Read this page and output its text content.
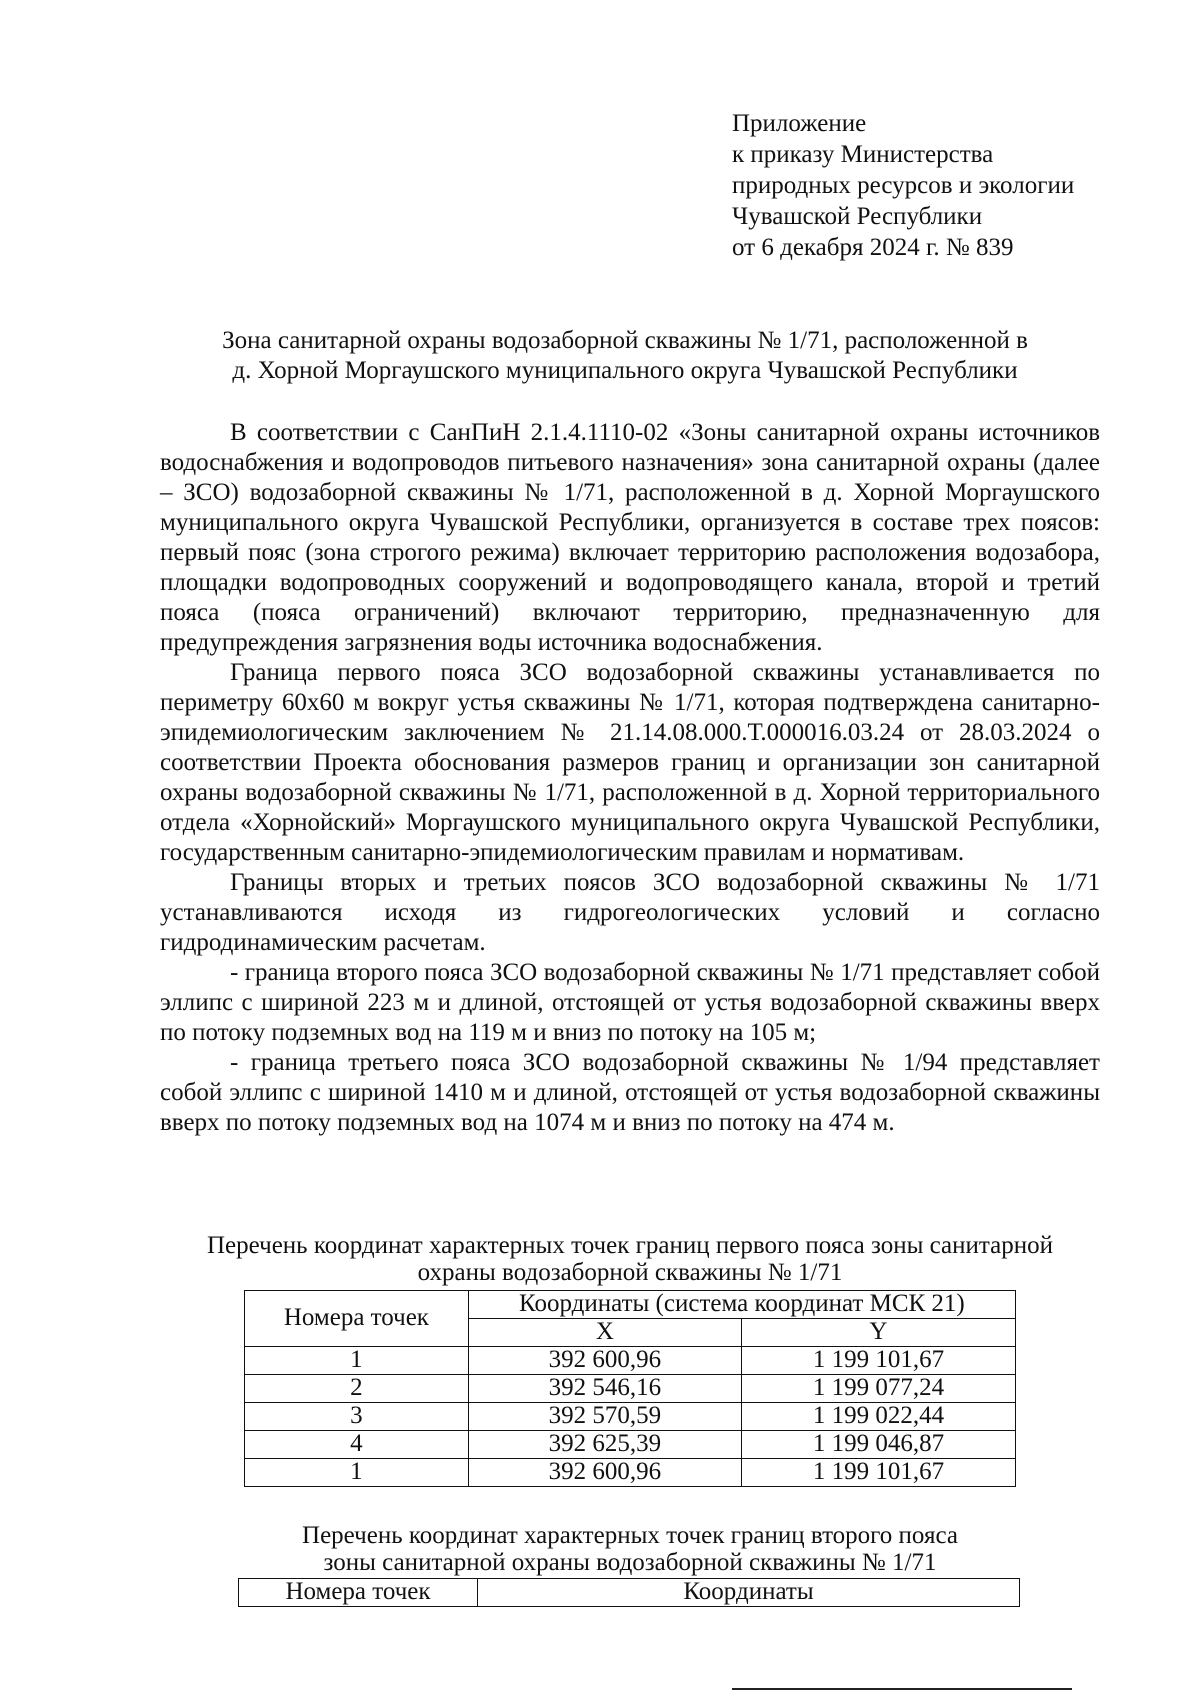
Приложение
к приказу Министерства
природных ресурсов и экологии
Чувашской Республики
от 6 декабря 2024 г. № 839
Зона санитарной охраны водозаборной скважины № 1/71, расположенной в
д. Хорной Моргаушского муниципального округа Чувашской Республики

В соответствии с СанПиН 2.1.4.1110-02 «Зоны санитарной охраны источников водоснабжения и водопроводов питьевого назначения» зона санитарной охраны (далее – ЗСО) водозаборной скважины № 1/71, расположенной в д. Хорной Моргаушского муниципального округа Чувашской Республики, организуется в составе трех поясов: первый пояс (зона строгого режима) включает территорию расположения водозабора, площадки водопроводных сооружений и водопроводящего канала, второй и третий пояса (пояса ограничений) включают территорию, предназначенную для предупреждения загрязнения воды источника водоснабжения.

Граница первого пояса ЗСО водозаборной скважины устанавливается по периметру 60х60 м вокруг устья скважины № 1/71, которая подтверждена санитарно-эпидемиологическим заключением № 21.14.08.000.Т.000016.03.24 от 28.03.2024 о соответствии Проекта обоснования размеров границ и организации зон санитарной охраны водозаборной скважины № 1/71, расположенной в д. Хорной территориального отдела «Хорнойский» Моргаушского муниципального округа Чувашской Республики, государственным санитарно-эпидемиологическим правилам и нормативам.

Границы вторых и третьих поясов ЗСО водозаборной скважины № 1/71 устанавливаются исходя из гидрогеологических условий и согласно гидродинамическим расчетам.

- граница второго пояса ЗСО водозаборной скважины № 1/71 представляет собой эллипс с шириной 223 м и длиной, отстоящей от устья водозаборной скважины вверх по потоку подземных вод на 119 м и вниз по потоку на 105 м;

- граница третьего пояса ЗСО водозаборной скважины № 1/94 представляет собой эллипс с шириной 1410 м и длиной, отстоящей от устья водозаборной скважины вверх по потоку подземных вод на 1074 м и вниз по потоку на 474 м.

Перечень координат характерных точек границ первого пояса зоны санитарной
охраны водозаборной скважины № 1/71
Номера точек	Координаты (система координат МСК 21)	
	X	Y
1	392 600,96	1 199 101,67
2	392 546,16	1 199 077,24
3	392 570,59	1 199 022,44
4	392 625,39	1 199 046,87
1	392 600,96	1 199 101,67
Перечень координат характерных точек границ второго пояса
зоны санитарной охраны водозаборной скважины № 1/71
Номера точек	Координаты
